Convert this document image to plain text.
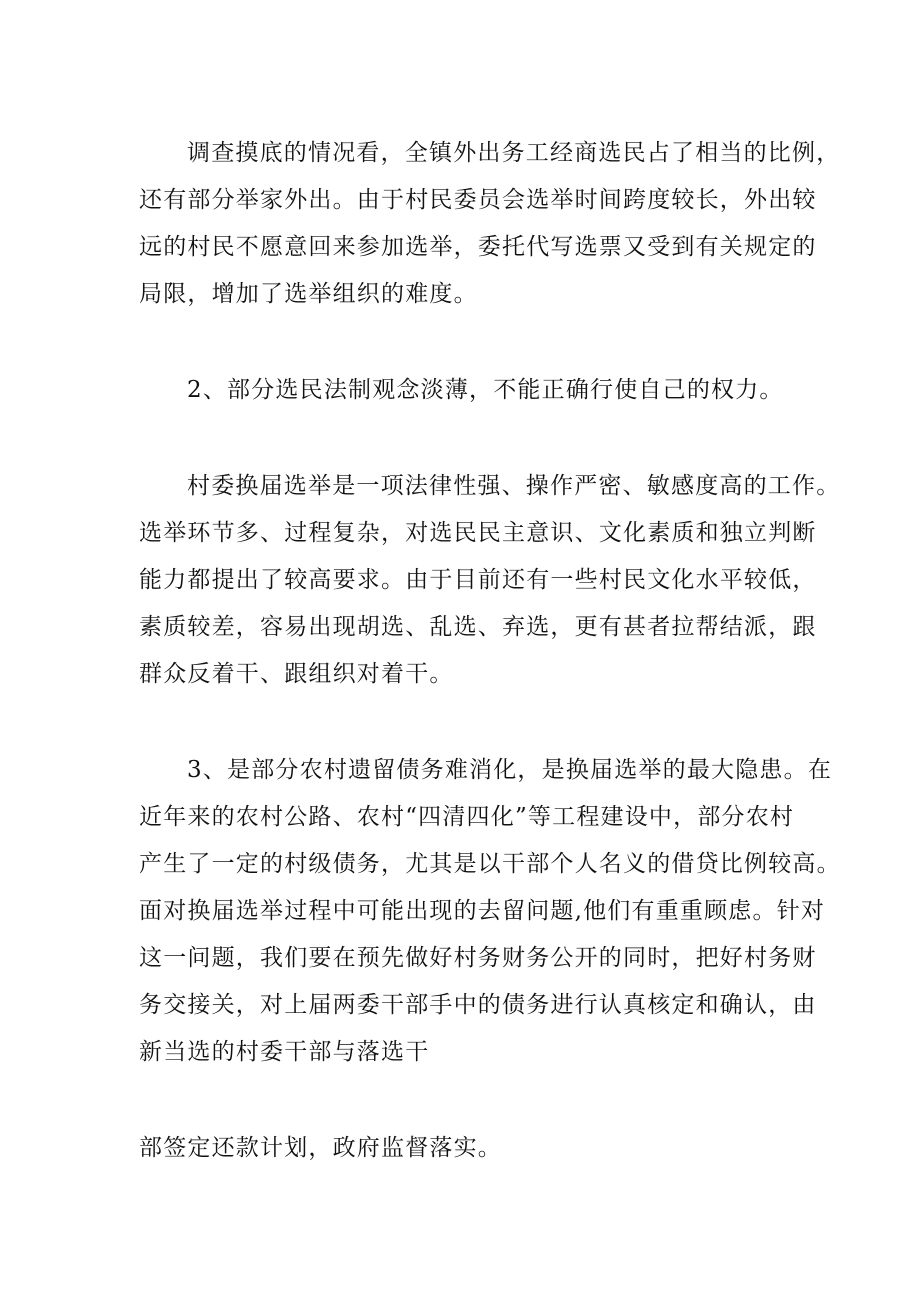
调查摸底的情况看，全镇外出务工经商选民占了相当的比例，
还有部分举家外出。由于村民委员会选举时间跨度较长，外出较
远的村民不愿意回来参加选举，委托代写选票又受到有关规定的
局限，增加了选举组织的难度。
2、部分选民法制观念淡薄，不能正确行使自己的权力。
村委换届选举是一项法律性强、操作严密、敏感度高的工作。
选举环节多、过程复杂，对选民民主意识、文化素质和独立判断
能力都提出了较高要求。由于目前还有一些村民文化水平较低，
素质较差，容易出现胡选、乱选、弃选，更有甚者拉帮结派，跟
群众反着干、跟组织对着干。
3、是部分农村遗留债务难消化，是换届选举的最大隐患。在
近年来的农村公路、农村“四清四化”等工程建设中，部分农村
产生了一定的村级债务，尤其是以干部个人名义的借贷比例较高。
面对换届选举过程中可能出现的去留问题,他们有重重顾虑。针对
这一问题，我们要在预先做好村务财务公开的同时，把好村务财
务交接关，对上届两委干部手中的债务进行认真核定和确认，由
新当选的村委干部与落选干
部签定还款计划，政府监督落实。
